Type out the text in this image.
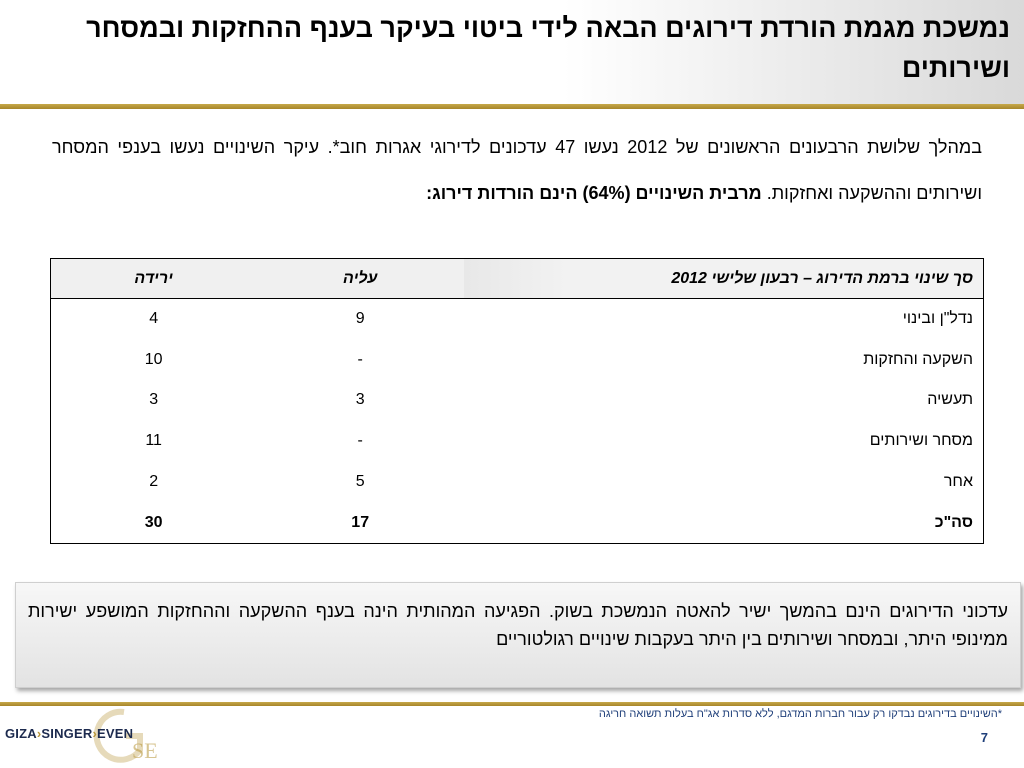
נמשכת מגמת הורדת דירוגים הבאה לידי ביטוי בעיקר בענף ההחזקות ובמסחר ושירותים

במהלך שלושת הרבעונים הראשונים של 2012 נעשו 47 עדכונים לדירוגי אגרות חוב*. עיקר השינויים נעשו בענפי המסחר ושירותים וההשקעה ואחזקות. מרבית השינויים (64%) הינם הורדות דירוג:

סך שינוי ברמת הדירוג – רבעון שלישי 2012	עליה	ירידה
נדל"ן ובינוי	9	4
השקעה והחזקות	-	10
תעשיה	3	3
מסחר ושירותים	-	11
אחר	5	2
סה"כ	17	30

עדכוני הדירוגים הינם בהמשך ישיר להאטה הנמשכת בשוק. הפגיעה המהותית הינה בענף ההשקעה וההחזקות המושפע ישירות ממינופי היתר, ובמסחר ושירותים בין היתר בעקבות שינויים רגולטוריים

*השינויים בדירוגים נבדקו רק עבור חברות המדגם, ללא סדרות אג"ח בעלות תשואה חריגה
7
SE
GIZA›SINGER›EVEN
